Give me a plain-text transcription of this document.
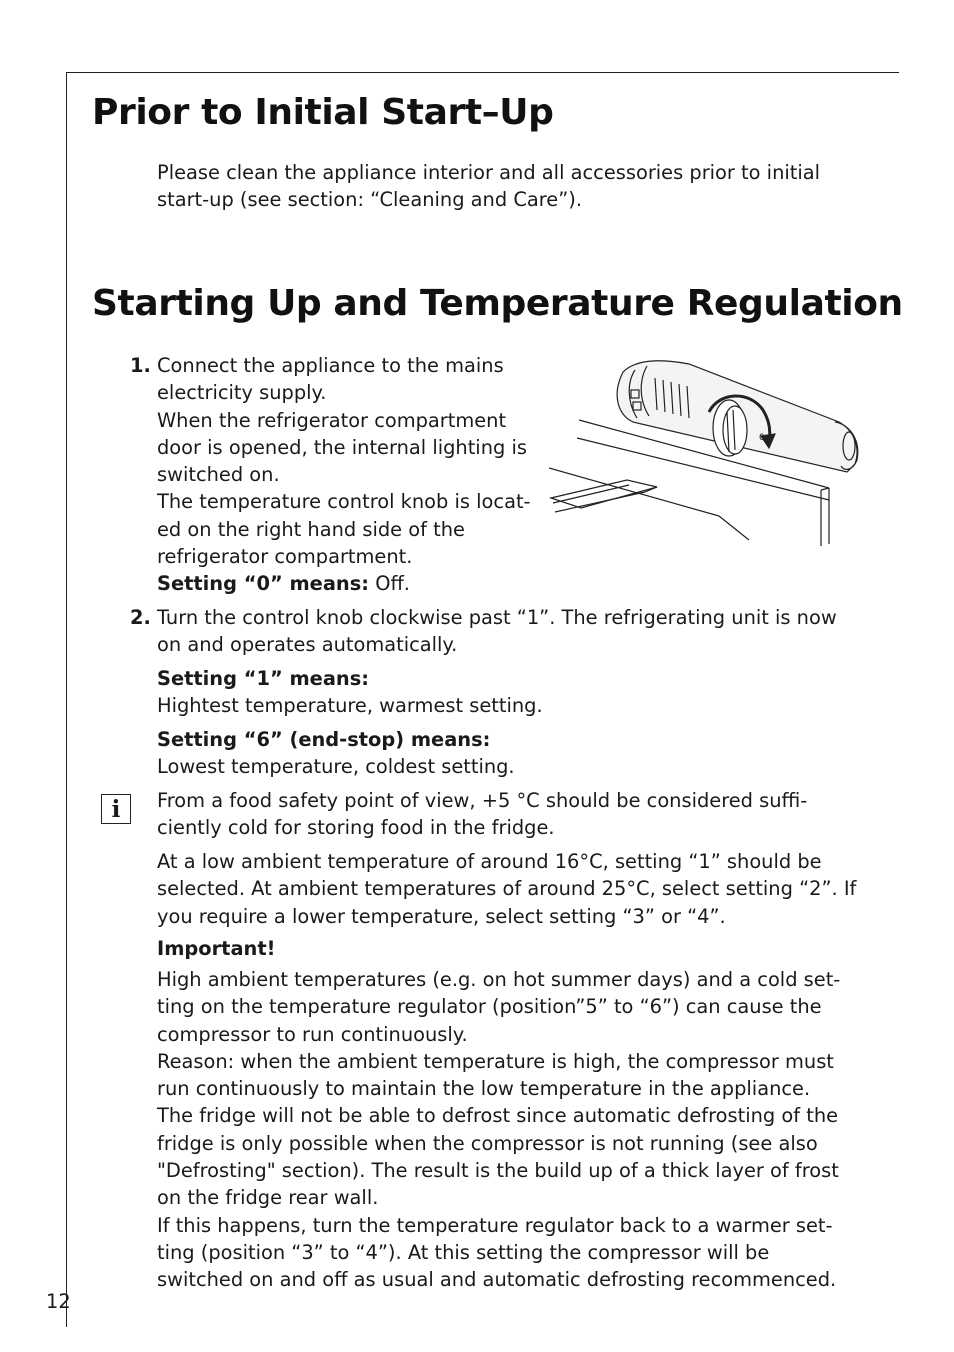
Prior to Initial Start–Up
Please clean the appliance interior and all accessories prior to initial
start-up (see section: “Cleaning and Care”).
Starting Up and Temperature Regulation
1. Connect the appliance to the mains
electricity supply.
When the refrigerator compartment
door is opened, the internal lighting is
switched on.
The temperature control knob is locat-
ed on the right hand side of the
refrigerator compartment.
Setting “0” means: Off.
0
2. Turn the control knob clockwise past “1”. The refrigerating unit is now
on and operates automatically.
Setting “1” means:
Hightest temperature, warmest setting.
Setting “6” (end-stop) means:
Lowest temperature, coldest setting.
i	From a food safety point of view, +5 °C should be considered suffi-
ciently cold for storing food in the fridge.
At a low ambient temperature of around 16°C, setting “1” should be
selected. At ambient temperatures of around 25°C, select setting “2”. If
you require a lower temperature, select setting “3” or “4”.
Important!
High ambient temperatures (e.g. on hot summer days) and a cold set-
ting on the temperature regulator (position”5” to “6”) can cause the
compressor to run continuously.
Reason: when the ambient temperature is high, the compressor must
run continuously to maintain the low temperature in the appliance.
The fridge will not be able to defrost since automatic defrosting of the
fridge is only possible when the compressor is not running (see also
"Defrosting" section). The result is the build up of a thick layer of frost
on the fridge rear wall.
If this happens, turn the temperature regulator back to a warmer set-
ting (position “3” to “4”). At this setting the compressor will be
switched on and off as usual and automatic defrosting recommenced.
12
